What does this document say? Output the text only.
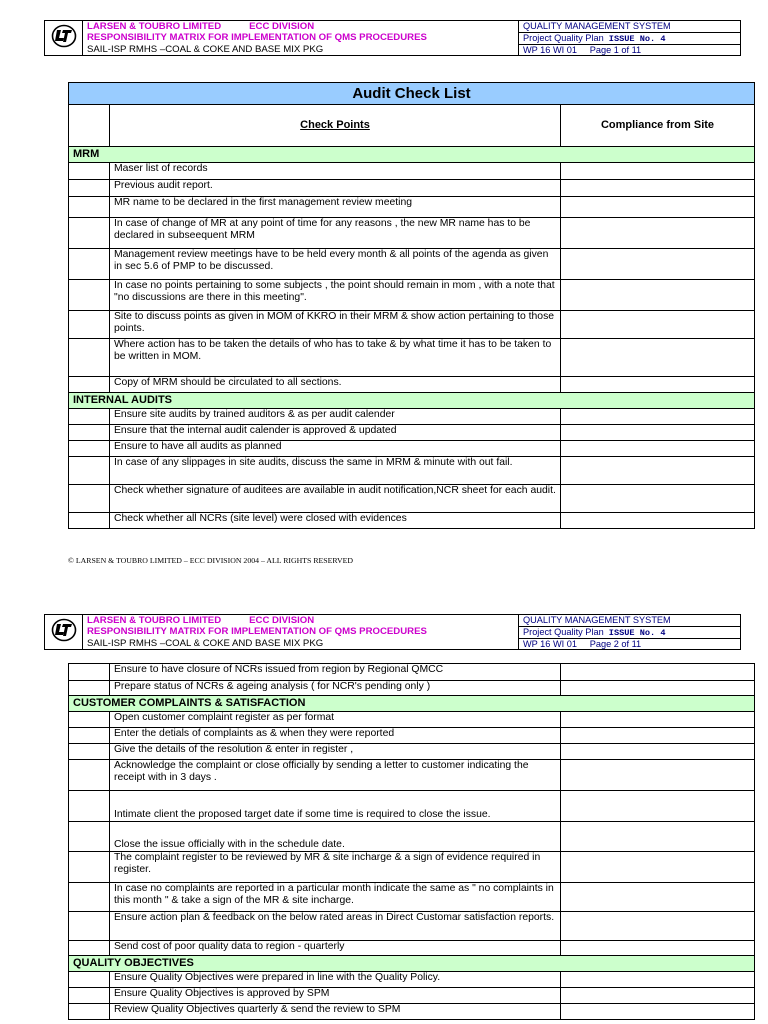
LARSEN & TOUBRO LIMITED	ECC DIVISION
RESPONSIBILITY MATRIX FOR IMPLEMENTATION OF QMS PROCEDURES
SAIL-ISP RMHS –COAL & COKE AND BASE MIX PKG

QUALITY MANAGEMENT SYSTEM
Project Quality Plan ISSUE No. 4
WP 16 WI 01 Page 1 of 11
Audit Check List		
	Check Points	Compliance from Site
MRM		
	Maser list of records	
	Previous audit report.	
	MR name to be declared in the first management review meeting	
	In case of change of MR at any point of time for any reasons , the new MR name has to be declared in subseequent MRM	
	Management review meetings have to be held every month & all points of the agenda as given in sec 5.6 of PMP to be discussed.	
	In case no points pertaining to some subjects , the point should remain in mom , with a note that "no discussions are there in this meeting".	
	Site to discuss points as given in MOM of KKRO in their MRM & show action pertaining to those points.	
	Where action has to be taken the details of who has to take & by what time it has to be taken to be written in MOM.	
	Copy of MRM should be circulated to all sections.	
INTERNAL AUDITS		
	Ensure site audits by trained auditors & as per audit calender	
	Ensure that the internal audit calender is approved & updated	
	Ensure to have all audits as planned	
	In case of any slippages in site audits, discuss the same in MRM & minute with out fail.	
	Check whether signature of auditees are available in audit notification,NCR sheet for each audit.	
	Check whether all NCRs (site level) were closed with evidences	
© LARSEN & TOUBRO LIMITED – ECC DIVISION 2004 – ALL RIGHTS RESERVED

LARSEN & TOUBRO LIMITED	ECC DIVISION
RESPONSIBILITY MATRIX FOR IMPLEMENTATION OF QMS PROCEDURES
SAIL-ISP RMHS –COAL & COKE AND BASE MIX PKG

QUALITY MANAGEMENT SYSTEM
Project Quality Plan ISSUE No. 4
WP 16 WI 01 Page 2 of 11
	Ensure to have closure of NCRs issued from region by Regional QMCC	
	Prepare status of NCRs & ageing analysis ( for NCR's pending only )	
CUSTOMER COMPLAINTS & SATISFACTION		
	Open customer complaint register as per format	
	Enter the detials of complaints as & when they were reported	
	Give the details of the resolution & enter in register ,	
	Acknowledge the complaint or close officially by sending a letter to customer indicating the receipt with in 3 days .	
	Intimate client the proposed target date if some time is required to close the issue.	
	Close the issue officially with in the schedule date.	
	The complaint register to be reviewed by MR & site incharge & a sign of evidence required in register.	
	In case no complaints are reported in a particular month indicate the same as " no complaints in this month " & take a sign of the MR & site incharge.	
	Ensure action plan & feedback on the below rated areas in Direct Customar satisfaction reports.	
	Send cost of poor quality data to region - quarterly	
QUALITY OBJECTIVES		
	Ensure Quality Objectives were prepared in line with the Quality Policy.	
	Ensure Quality Objectives is approved by SPM	
	Review Quality Objectives quarterly & send the review to SPM	
